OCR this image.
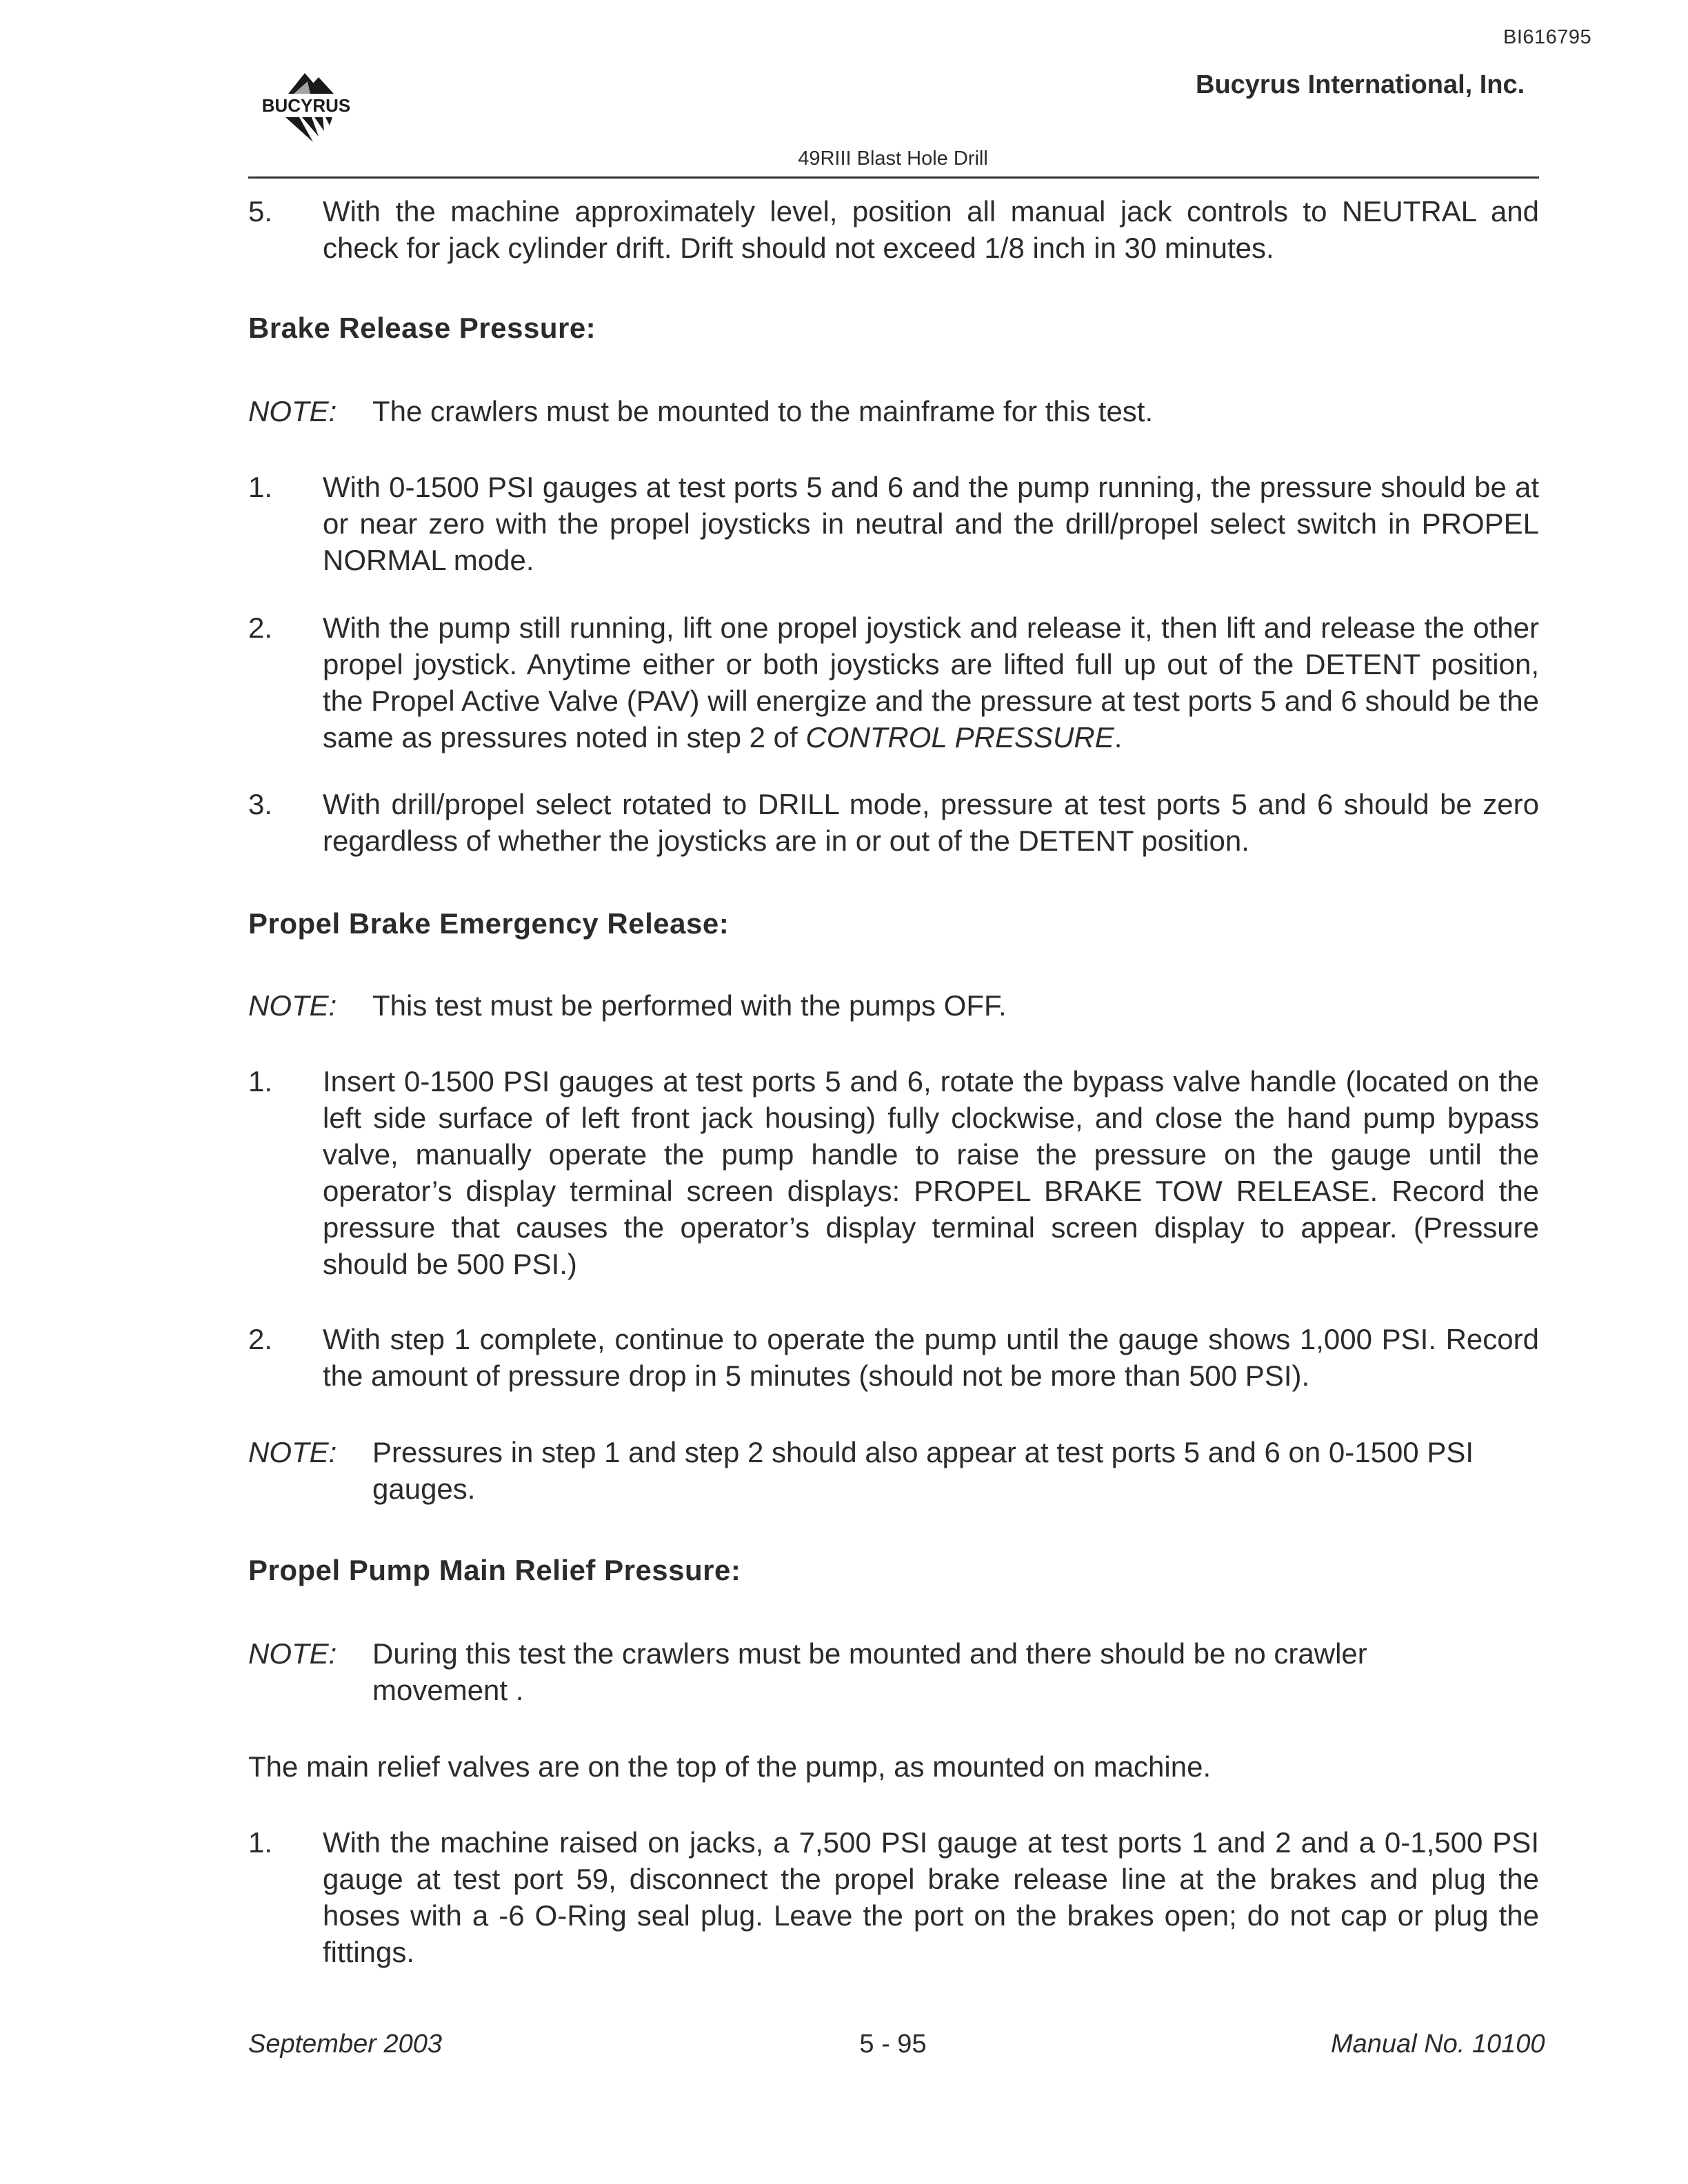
BI616795
BUCYRUS
Bucyrus International, Inc.
49RIII Blast Hole Drill
5. With the machine approximately level, position all manual jack controls to NEUTRAL and check for jack cylinder drift. Drift should not exceed 1/8 inch in 30 minutes.
Brake Release Pressure:
NOTE: The crawlers must be mounted to the mainframe for this test.
1. With 0-1500 PSI gauges at test ports 5 and 6 and the pump running, the pressure should be at or near zero with the propel joysticks in neutral and the drill/propel select switch in PROPEL NORMAL mode.
2. With the pump still running, lift one propel joystick and release it, then lift and release the other propel joystick. Anytime either or both joysticks are lifted full up out of the DETENT position, the Propel Active Valve (PAV) will energize and the pressure at test ports 5 and 6 should be the same as pressures noted in step 2 of CONTROL PRESSURE.
3. With drill/propel select rotated to DRILL mode, pressure at test ports 5 and 6 should be zero regardless of whether the joysticks are in or out of the DETENT position.
Propel Brake Emergency Release:
NOTE: This test must be performed with the pumps OFF.
1. Insert 0-1500 PSI gauges at test ports 5 and 6, rotate the bypass valve handle (located on the left side surface of left front jack housing) fully clockwise, and close the hand pump bypass valve, manually operate the pump handle to raise the pressure on the gauge until the operator’s display terminal screen displays: PROPEL BRAKE TOW RELEASE. Record the pressure that causes the operator’s display terminal screen display to appear. (Pressure should be 500 PSI.)
2. With step 1 complete, continue to operate the pump until the gauge shows 1,000 PSI. Record the amount of pressure drop in 5 minutes (should not be more than 500 PSI).
NOTE: Pressures in step 1 and step 2 should also appear at test ports 5 and 6 on 0-1500 PSI gauges.
Propel Pump Main Relief Pressure:
NOTE: During this test the crawlers must be mounted and there should be no crawler movement .
The main relief valves are on the top of the pump, as mounted on machine.
1. With the machine raised on jacks, a 7,500 PSI gauge at test ports 1 and 2 and a 0-1,500 PSI gauge at test port 59, disconnect the propel brake release line at the brakes and plug the hoses with a -6 O-Ring seal plug. Leave the port on the brakes open; do not cap or plug the fittings.
September 2003	5 - 95	Manual No. 10100
